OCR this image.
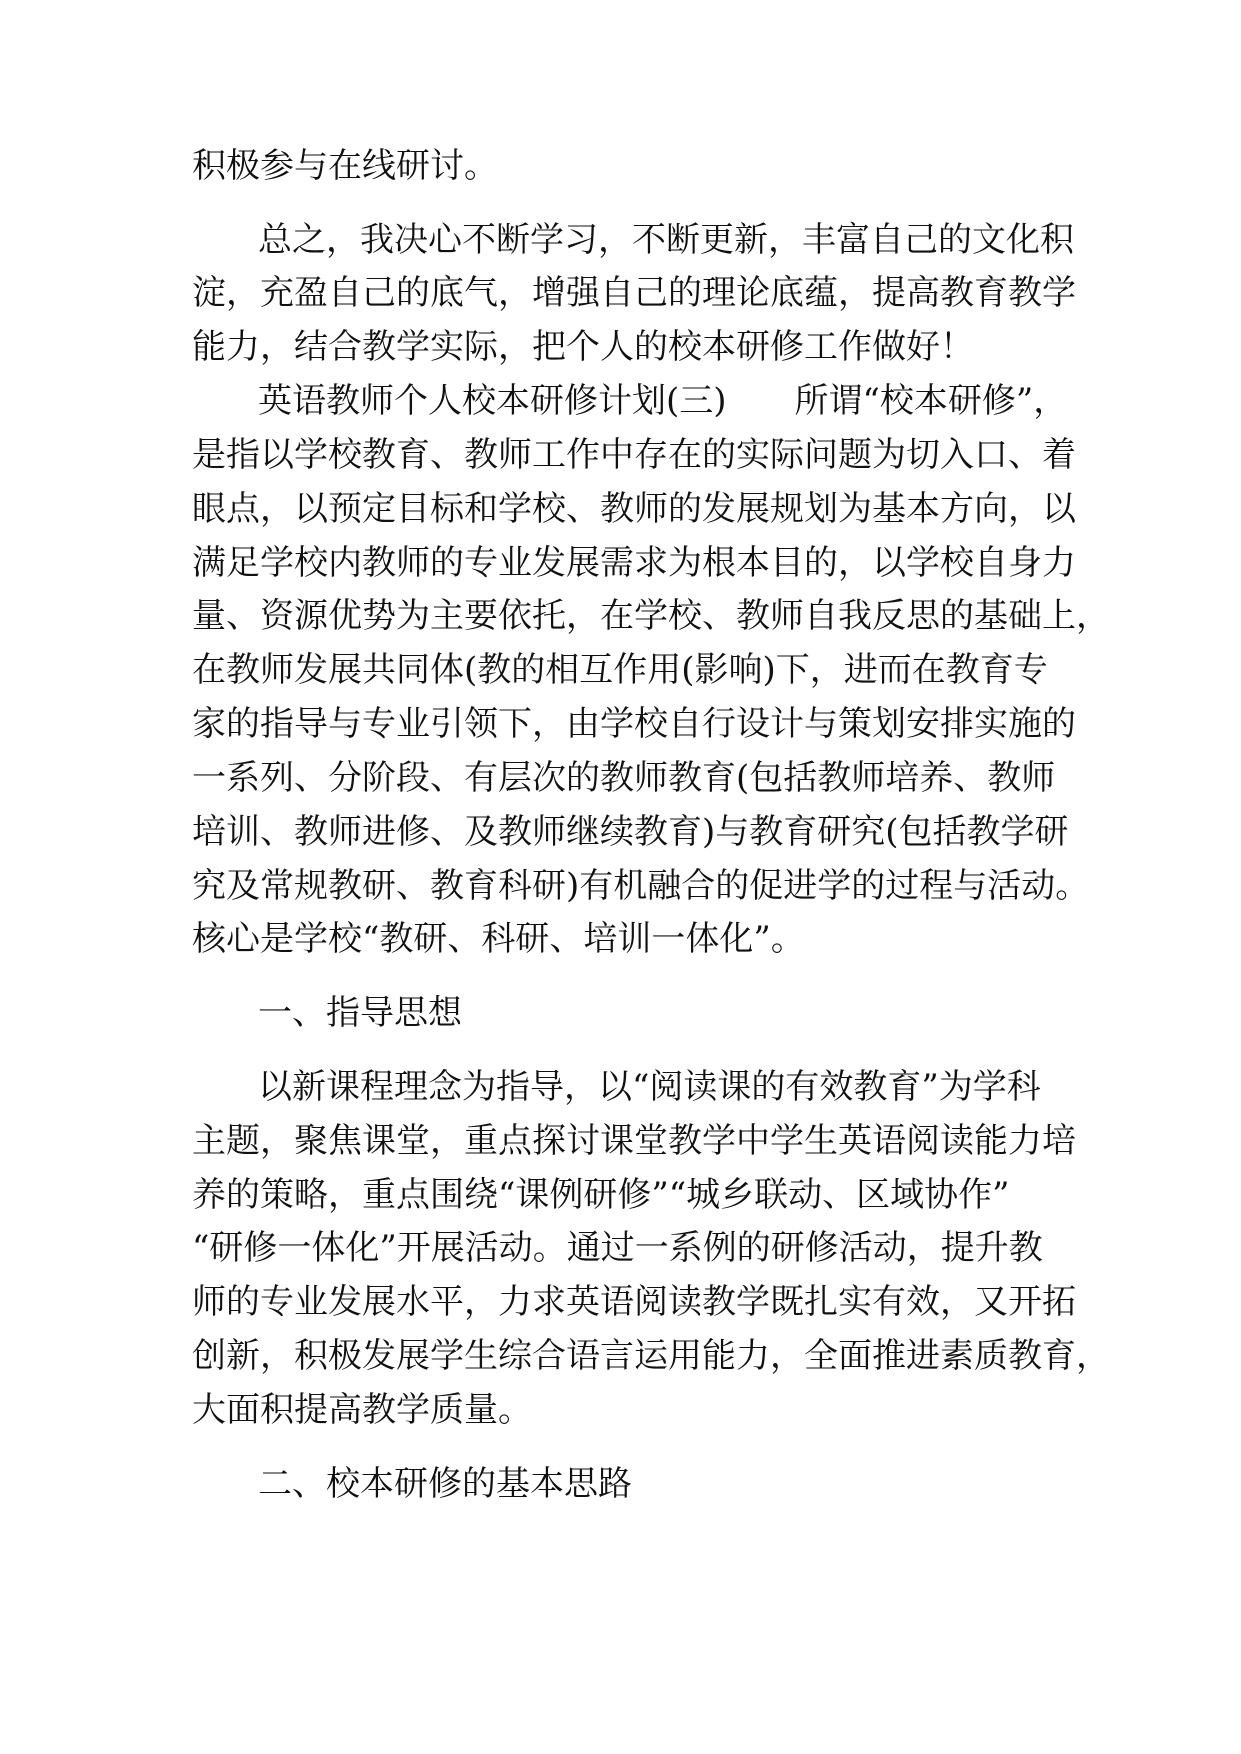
积极参与在线研讨。
总之，我决心不断学习，不断更新，丰富自己的文化积
淀，充盈自己的底气，增强自己的理论底蕴，提高教育教学
能力，结合教学实际，把个人的校本研修工作做好！
英语教师个人校本研修计划(三)　　所谓“校本研修”，
是指以学校教育、教师工作中存在的实际问题为切入口、着
眼点，以预定目标和学校、教师的发展规划为基本方向，以
满足学校内教师的专业发展需求为根本目的，以学校自身力
量、资源优势为主要依托，在学校、教师自我反思的基础上，
在教师发展共同体(教的相互作用(影响)下，进而在教育专
家的指导与专业引领下，由学校自行设计与策划安排实施的
一系列、分阶段、有层次的教师教育(包括教师培养、教师
培训、教师进修、及教师继续教育)与教育研究(包括教学研
究及常规教研、教育科研)有机融合的促进学的过程与活动。
核心是学校“教研、科研、培训一体化”。
一、指导思想
以新课程理念为指导，以“阅读课的有效教育”为学科
主题，聚焦课堂，重点探讨课堂教学中学生英语阅读能力培
养的策略，重点围绕“课例研修”“城乡联动、区域协作”
“研修一体化”开展活动。通过一系例的研修活动，提升教
师的专业发展水平，力求英语阅读教学既扎实有效，又开拓
创新，积极发展学生综合语言运用能力，全面推进素质教育，
大面积提高教学质量。
二、校本研修的基本思路
